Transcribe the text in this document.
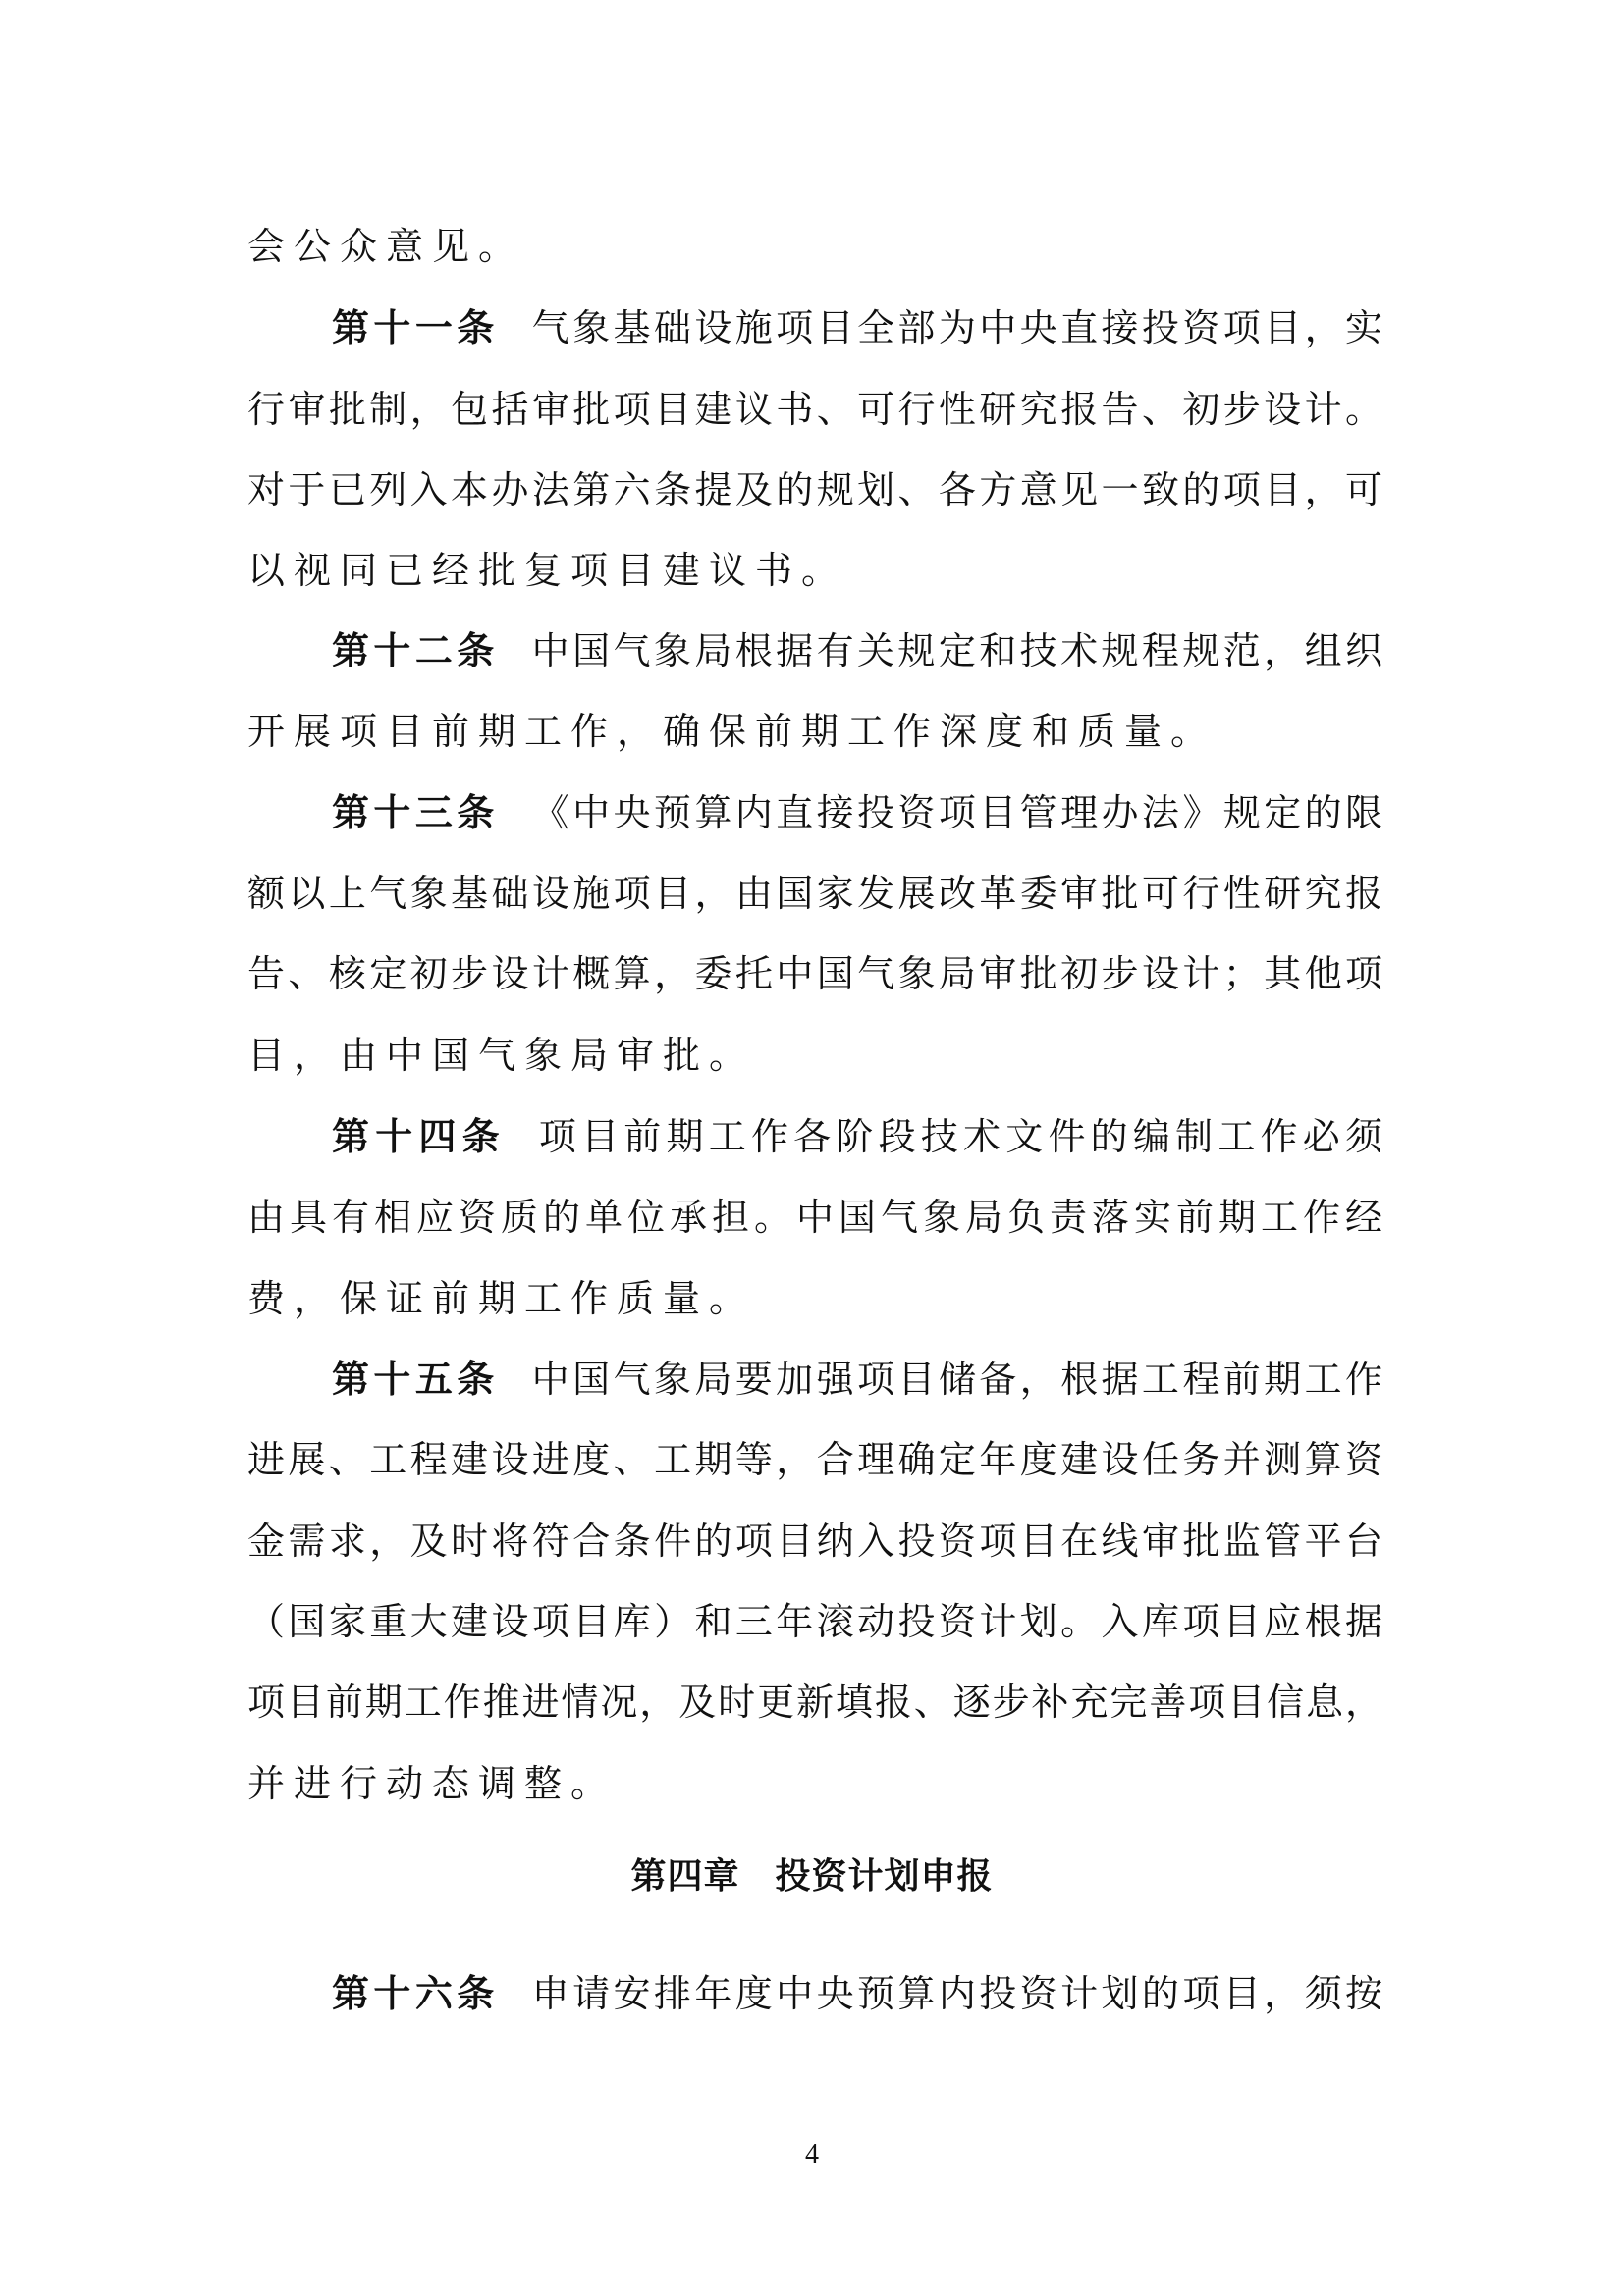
会公众意见。
第十一条 气象基础设施项目全部为中央直接投资项目，实
行审批制，包括审批项目建议书、可行性研究报告、初步设计。
对于已列入本办法第六条提及的规划、各方意见一致的项目，可
以视同已经批复项目建议书。
第十二条 中国气象局根据有关规定和技术规程规范，组织
开展项目前期工作，确保前期工作深度和质量。
第十三条 《中央预算内直接投资项目管理办法》规定的限
额以上气象基础设施项目，由国家发展改革委审批可行性研究报
告、核定初步设计概算，委托中国气象局审批初步设计；其他项
目，由中国气象局审批。
第十四条 项目前期工作各阶段技术文件的编制工作必须
由具有相应资质的单位承担。中国气象局负责落实前期工作经
费，保证前期工作质量。
第十五条 中国气象局要加强项目储备，根据工程前期工作
进展、工程建设进度、工期等，合理确定年度建设任务并测算资
金需求，及时将符合条件的项目纳入投资项目在线审批监管平台
（国家重大建设项目库）和三年滚动投资计划。入库项目应根据
项目前期工作推进情况，及时更新填报、逐步补充完善项目信息，
并进行动态调整。
第四章 投资计划申报
第十六条 申请安排年度中央预算内投资计划的项目，须按
4
